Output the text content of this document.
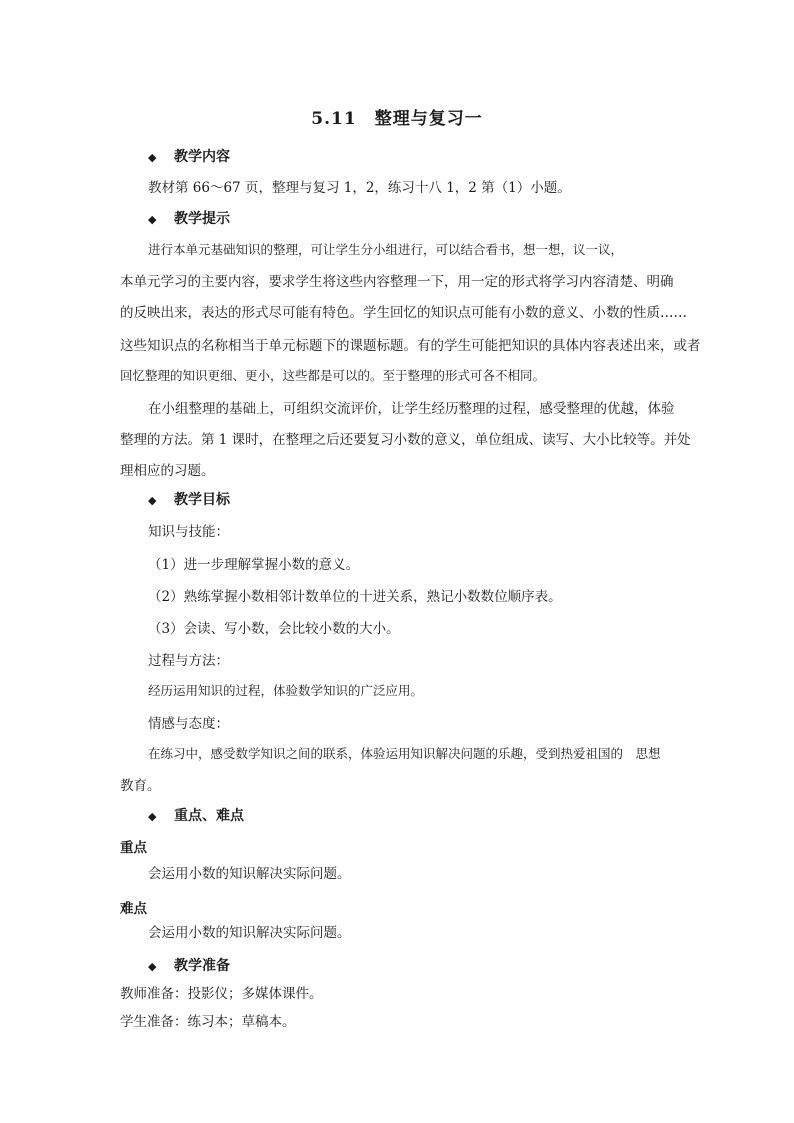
5.11　整理与复习一
◆ 教学内容
教材第 66～67 页，整理与复习 1，2，练习十八 1，2 第（1）小题。
◆ 教学提示
进行本单元基础知识的整理，可让学生分小组进行，可以结合看书，想一想，议一议，
本单元学习的主要内容，要求学生将这些内容整理一下，用一定的形式将学习内容清楚、明确
的反映出来，表达的形式尽可能有特色。学生回忆的知识点可能有小数的意义、小数的性质……
这些知识点的名称相当于单元标题下的课题标题。有的学生可能把知识的具体内容表述出来，或者
回忆整理的知识更细、更小，这些都是可以的。至于整理的形式可各不相同。
在小组整理的基础上，可组织交流评价，让学生经历整理的过程，感受整理的优越，体验
整理的方法。第 1 课时，在整理之后还要复习小数的意义，单位组成、读写、大小比较等。并处
理相应的习题。
◆ 教学目标
知识与技能：
（1）进一步理解掌握小数的意义。
（2）熟练掌握小数相邻计数单位的十进关系，熟记小数数位顺序表。
（3）会读、写小数，会比较小数的大小。
过程与方法：
经历运用知识的过程，体验数学知识的广泛应用。
情感与态度：
在练习中，感受数学知识之间的联系，体验运用知识解决问题的乐趣，受到热爱祖国的　思想
教育。
◆ 重点、难点
重点
会运用小数的知识解决实际问题。
难点
会运用小数的知识解决实际问题。
◆ 教学准备
教师准备：投影仪；多媒体课件。
学生准备：练习本；草稿本。
